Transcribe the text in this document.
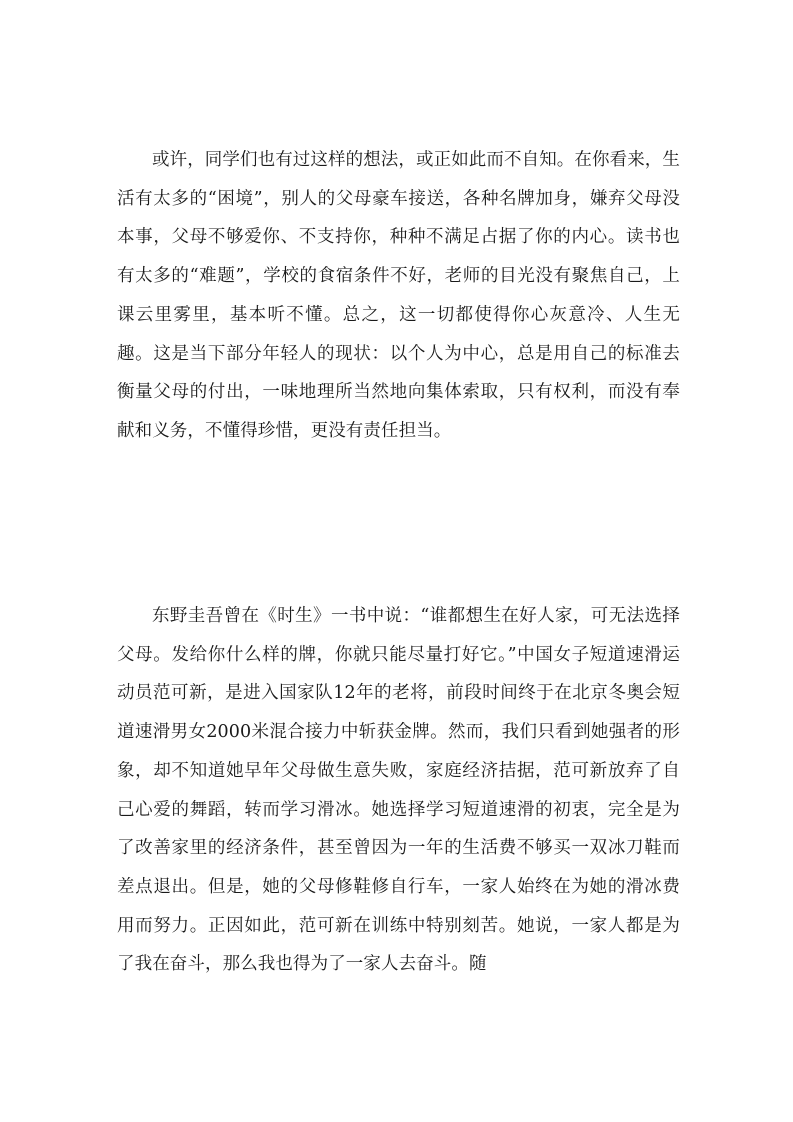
或许，同学们也有过这样的想法，或正如此而不自知。在你看来，生活有太多的“困境”，别人的父母豪车接送，各种名牌加身，嫌弃父母没本事，父母不够爱你、不支持你，种种不满足占据了你的内心。读书也有太多的“难题”，学校的食宿条件不好，老师的目光没有聚焦自己，上课云里雾里，基本听不懂。总之，这一切都使得你心灰意冷、人生无趣。这是当下部分年轻人的现状：以个人为中心，总是用自己的标准去衡量父母的付出，一味地理所当然地向集体索取，只有权利，而没有奉献和义务，不懂得珍惜，更没有责任担当。

东野圭吾曾在《时生》一书中说：“谁都想生在好人家，可无法选择父母。发给你什么样的牌，你就只能尽量打好它。”中国女子短道速滑运动员范可新，是进入国家队12年的老将，前段时间终于在北京冬奥会短道速滑男女2000米混合接力中斩获金牌。然而，我们只看到她强者的形象，却不知道她早年父母做生意失败，家庭经济拮据，范可新放弃了自己心爱的舞蹈，转而学习滑冰。她选择学习短道速滑的初衷，完全是为了改善家里的经济条件，甚至曾因为一年的生活费不够买一双冰刀鞋而差点退出。但是，她的父母修鞋修自行车，一家人始终在为她的滑冰费用而努力。正因如此，范可新在训练中特别刻苦。她说，一家人都是为了我在奋斗，那么我也得为了一家人去奋斗。随
